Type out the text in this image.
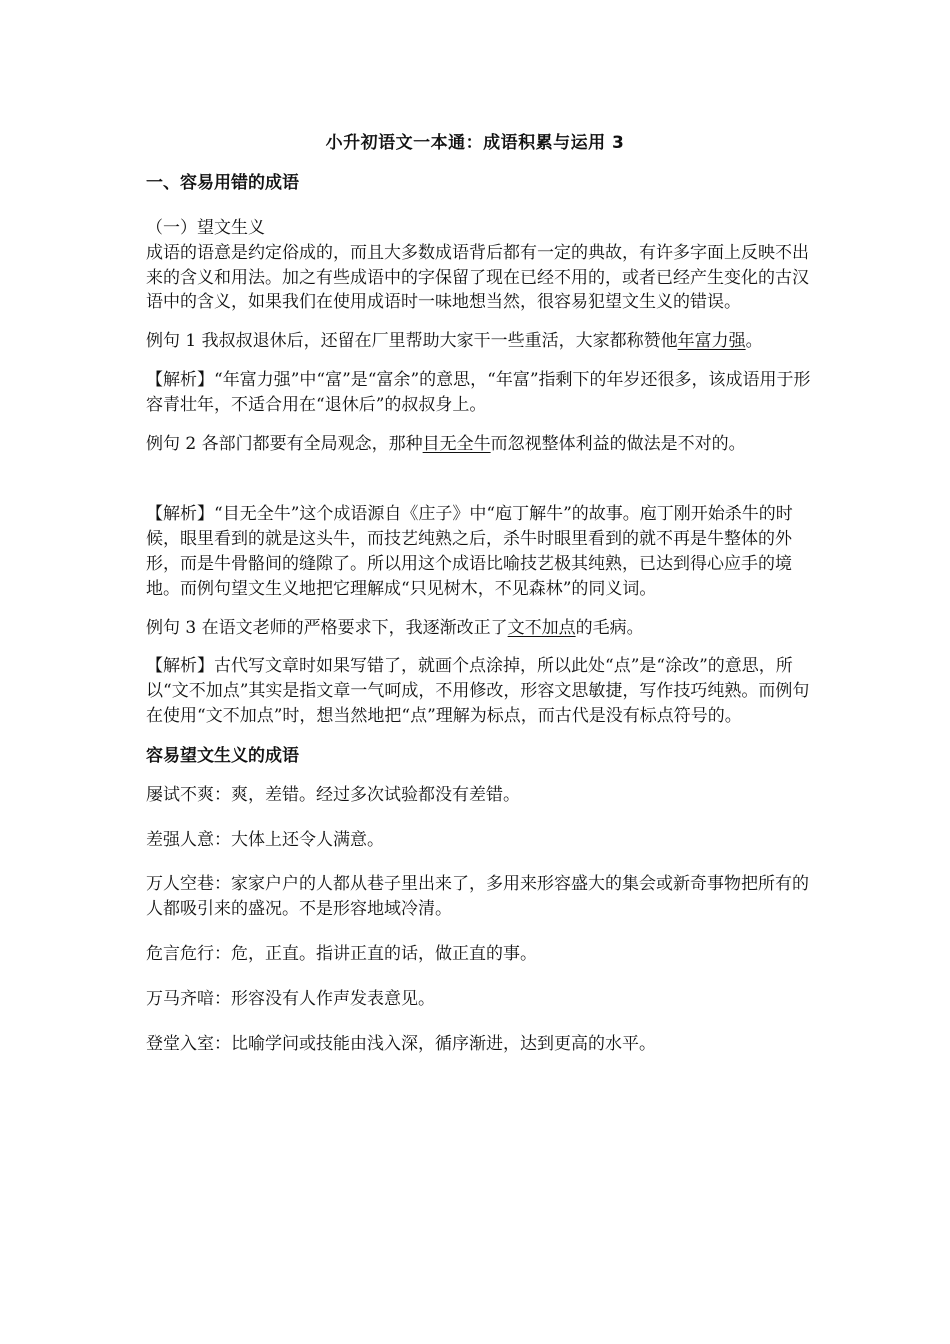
小升初语文一本通：成语积累与运用 3

一、容易用错的成语

（一）望文生义

成语的语意是约定俗成的，而且大多数成语背后都有一定的典故，有许多字面上反映不出来的含义和用法。加之有些成语中的字保留了现在已经不用的，或者已经产生变化的古汉语中的含义，如果我们在使用成语时一味地想当然，很容易犯望文生义的错误。

例句 1 我叔叔退休后，还留在厂里帮助大家干一些重活，大家都称赞他年富力强。

【解析】“年富力强”中“富”是“富余”的意思，“年富”指剩下的年岁还很多，该成语用于形容青壮年，不适合用在“退休后”的叔叔身上。

例句 2 各部门都要有全局观念，那种目无全牛而忽视整体利益的做法是不对的。

【解析】“目无全牛”这个成语源自《庄子》中“庖丁解牛”的故事。庖丁刚开始杀牛的时候，眼里看到的就是这头牛，而技艺纯熟之后，杀牛时眼里看到的就不再是牛整体的外形，而是牛骨骼间的缝隙了。所以用这个成语比喻技艺极其纯熟，已达到得心应手的境地。而例句望文生义地把它理解成“只见树木，不见森林”的同义词。

例句 3 在语文老师的严格要求下，我逐渐改正了文不加点的毛病。

【解析】古代写文章时如果写错了，就画个点涂掉，所以此处“点”是“涂改”的意思，所以“文不加点”其实是指文章一气呵成，不用修改，形容文思敏捷，写作技巧纯熟。而例句在使用“文不加点”时，想当然地把“点”理解为标点，而古代是没有标点符号的。

容易望文生义的成语

屡试不爽：爽，差错。经过多次试验都没有差错。

差强人意：大体上还令人满意。

万人空巷：家家户户的人都从巷子里出来了，多用来形容盛大的集会或新奇事物把所有的人都吸引来的盛况。不是形容地域冷清。

危言危行：危，正直。指讲正直的话，做正直的事。

万马齐喑：形容没有人作声发表意见。

登堂入室：比喻学问或技能由浅入深，循序渐进，达到更高的水平。
